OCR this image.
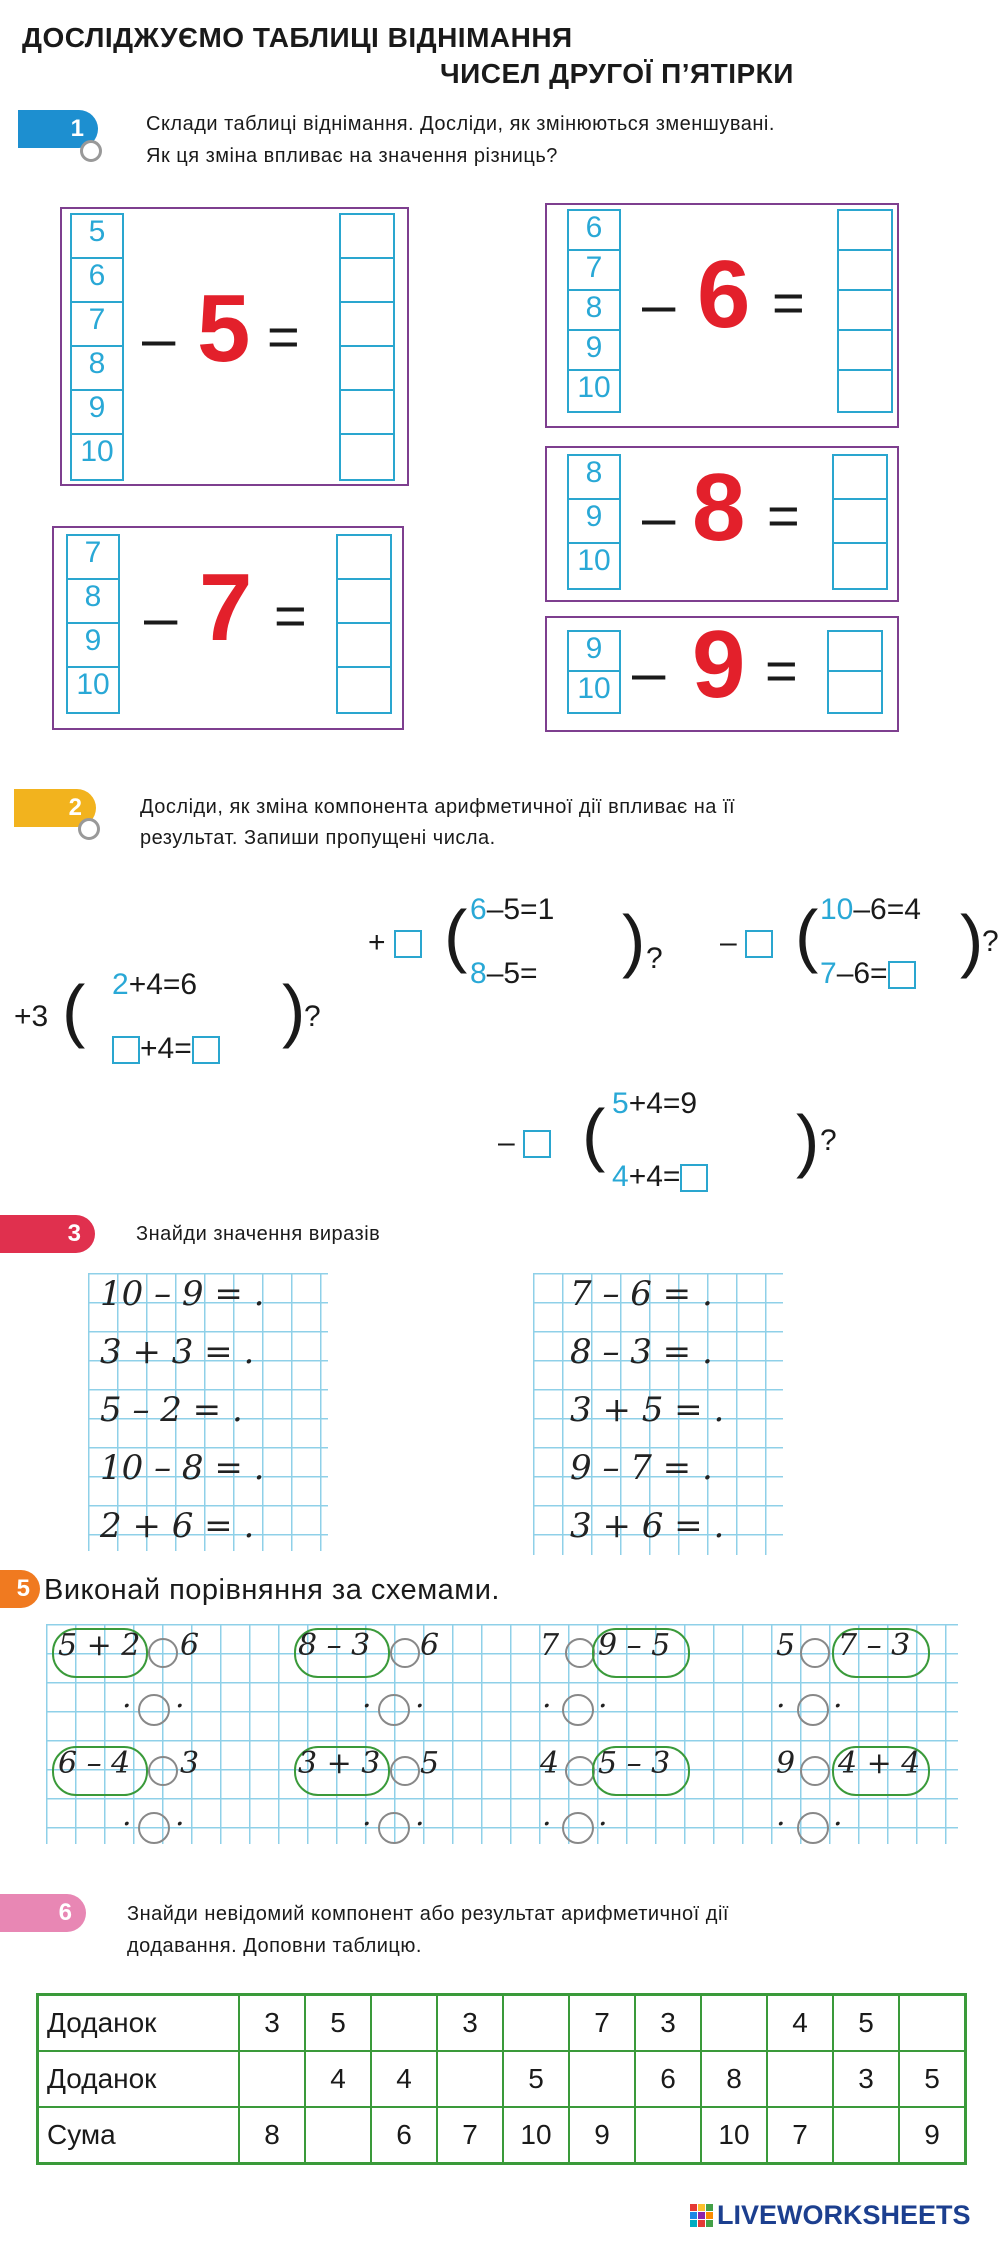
ДОСЛІДЖУЄМО ТАБЛИЦІ ВІДНІМАННЯ
ЧИСЕЛ ДРУГОЇ П’ЯТІРКИ
1	Склади таблиці віднімання. Досліди, як змінюються зменшувані.
Як ця зміна впливає на значення різниць?
5
6
7
8
9
10
– 5 =
6
7
8
9
10
– 6 =
7
8
9
10
– 7 =
8
9
10
– 8 =
9
10 – 9 =
2	Досліди, як зміна компонента арифметичної дії впливає на її
результат. Запиши пропущені числа.
+3 ( 2+4=6
+4=	)
?
+ ( 6–5=1
8–5= ) ? – ( 10–6=4
7–6=	)
?
– ( 5+4=9
4+4=	) ?
3	Знайди значення виразів
10 – 9 = .
3 + 3 = .
5 – 2 = .
10 – 8 = .
2 + 6 = .
7 – 6 = .
8 – 3 = .
3 + 5 = .
9 – 7 = .
3 + 6 = .
5 Виконай порівняння за схемами.
5 + 2 6
. .
8 – 3 6
. .
7 9 – 5
. .
5 7 – 3
. .
6 – 4 3
. .
3 + 3 5
. .
4 5 – 3
. .
9 4 + 4
. .
6	Знайди невідомий компонент або результат арифметичної дії
додавання. Доповни таблицю.
Доданок	3	5		3		7	3		4	5	
Доданок		4	4		5		6	8		3	5
Сума	8		6	7	10	9		10	7		9
LIVEWORKSHEETS
